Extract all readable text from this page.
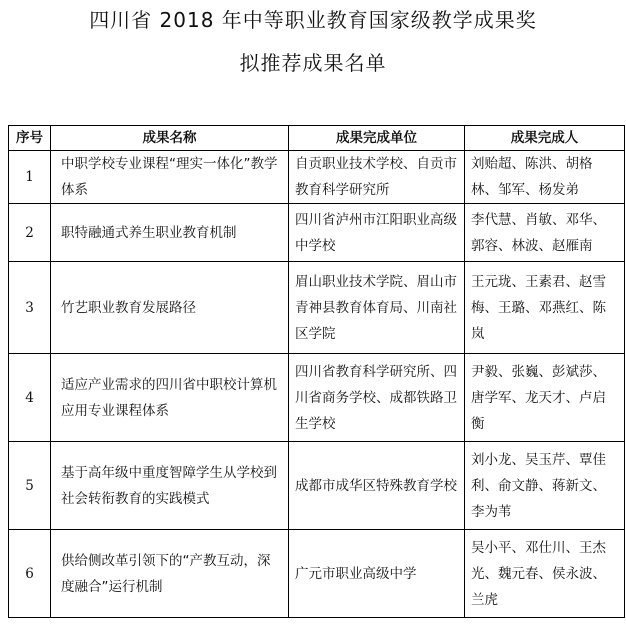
四川省 2018 年中等职业教育国家级教学成果奖
拟推荐成果名单
序号	成果名称	成果完成单位	成果完成人
1	中职学校专业课程“理实一体化”教学体系	自贡职业技术学校、自贡市教育科学研究所	刘贻超、陈洪、胡格林、邹军、杨发弟
2	职特融通式养生职业教育机制	四川省泸州市江阳职业高级中学校	李代慧、肖敏、邓华、郭容、林波、赵雁南
3	竹艺职业教育发展路径	眉山职业技术学院、眉山市青神县教育体育局、川南社区学院	王元珑、王素君、赵雪梅、王璐、邓燕红、陈岚
4	适应产业需求的四川省中职校计算机应用专业课程体系	四川省教育科学研究所、四川省商务学校、成都铁路卫生学校	尹毅、张巍、彭斌莎、唐学军、龙天才、卢启衡
5	基于高年级中重度智障学生从学校到社会转衔教育的实践模式	成都市成华区特殊教育学校	刘小龙、吴玉芹、覃佳利、俞文静、蒋新文、李为苇
6	供给侧改革引领下的“产教互动，深度融合”运行机制	广元市职业高级中学	吴小平、邓仕川、王杰光、魏元春、侯永波、兰虎
